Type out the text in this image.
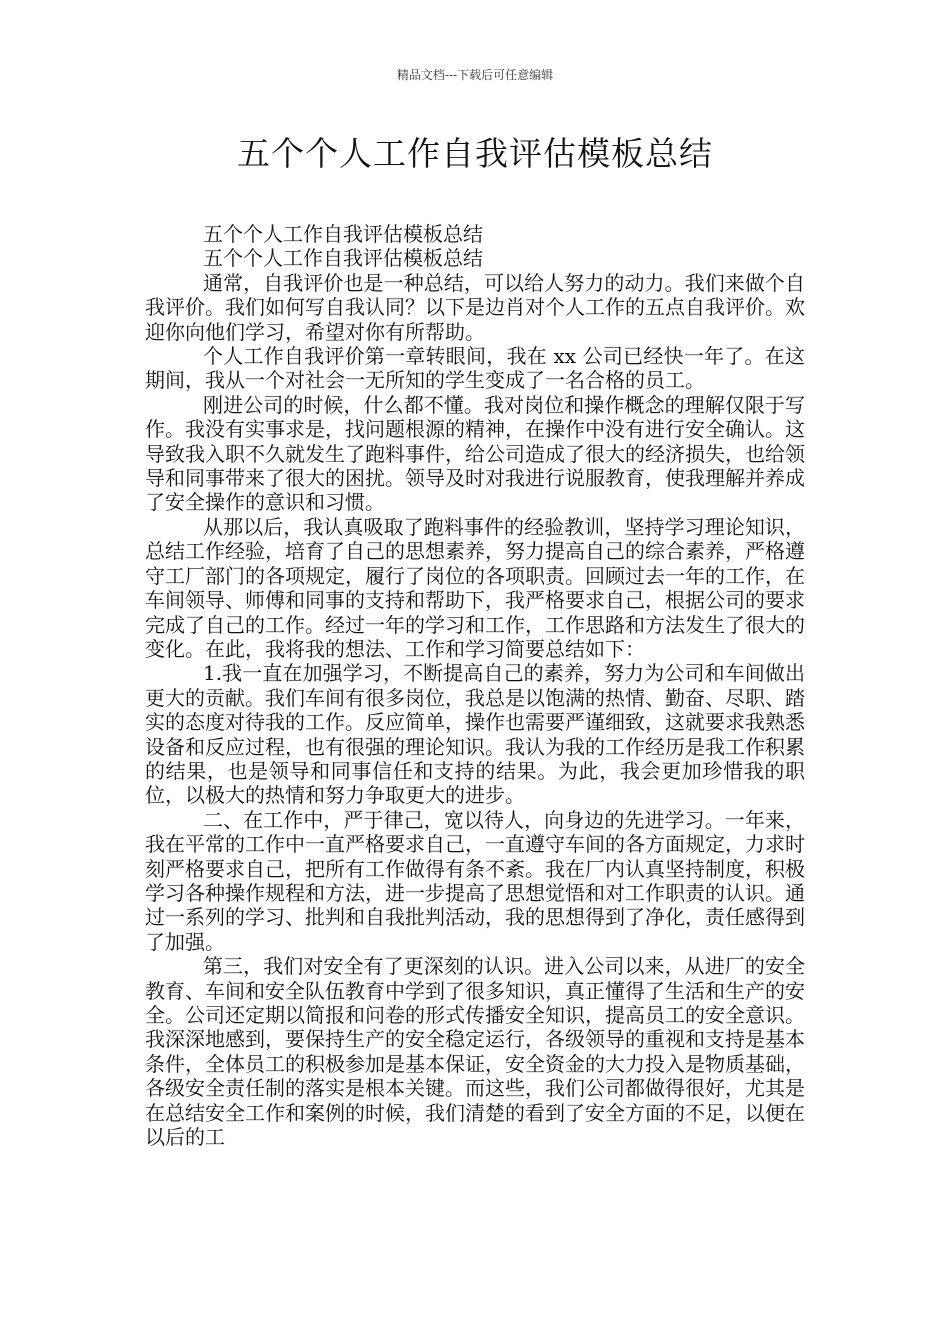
精品文档---下载后可任意编辑
五个个人工作自我评估模板总结

五个个人工作自我评估模板总结

五个个人工作自我评估模板总结

通常，自我评价也是一种总结，可以给人努力的动力。我们来做个自我评价。我们如何写自我认同？以下是边肖对个人工作的五点自我评价。欢迎你向他们学习，希望对你有所帮助。

个人工作自我评价第一章转眼间，我在 xx 公司已经快一年了。在这期间，我从一个对社会一无所知的学生变成了一名合格的员工。

刚进公司的时候，什么都不懂。我对岗位和操作概念的理解仅限于写作。我没有实事求是，找问题根源的精神，在操作中没有进行安全确认。这导致我入职不久就发生了跑料事件，给公司造成了很大的经济损失，也给领导和同事带来了很大的困扰。领导及时对我进行说服教育，使我理解并养成了安全操作的意识和习惯。

从那以后，我认真吸取了跑料事件的经验教训，坚持学习理论知识，总结工作经验，培育了自己的思想素养，努力提高自己的综合素养，严格遵守工厂部门的各项规定，履行了岗位的各项职责。回顾过去一年的工作，在车间领导、师傅和同事的支持和帮助下，我严格要求自己，根据公司的要求完成了自己的工作。经过一年的学习和工作，工作思路和方法发生了很大的变化。在此，我将我的想法、工作和学习简要总结如下：

1.我一直在加强学习，不断提高自己的素养，努力为公司和车间做出更大的贡献。我们车间有很多岗位，我总是以饱满的热情、勤奋、尽职、踏实的态度对待我的工作。反应简单，操作也需要严谨细致，这就要求我熟悉设备和反应过程，也有很强的理论知识。我认为我的工作经历是我工作积累的结果，也是领导和同事信任和支持的结果。为此，我会更加珍惜我的职位，以极大的热情和努力争取更大的进步。

二、在工作中，严于律己，宽以待人，向身边的先进学习。一年来，我在平常的工作中一直严格要求自己，一直遵守车间的各方面规定，力求时刻严格要求自己，把所有工作做得有条不紊。我在厂内认真坚持制度，积极学习各种操作规程和方法，进一步提高了思想觉悟和对工作职责的认识。通过一系列的学习、批判和自我批判活动，我的思想得到了净化，责任感得到了加强。

第三，我们对安全有了更深刻的认识。进入公司以来，从进厂的安全教育、车间和安全队伍教育中学到了很多知识，真正懂得了生活和生产的安全。公司还定期以简报和问卷的形式传播安全知识，提高员工的安全意识。我深深地感到，要保持生产的安全稳定运行，各级领导的重视和支持是基本条件，全体员工的积极参加是基本保证，安全资金的大力投入是物质基础，各级安全责任制的落实是根本关键。而这些，我们公司都做得很好，尤其是在总结安全工作和案例的时候，我们清楚的看到了安全方面的不足，以便在以后的工
